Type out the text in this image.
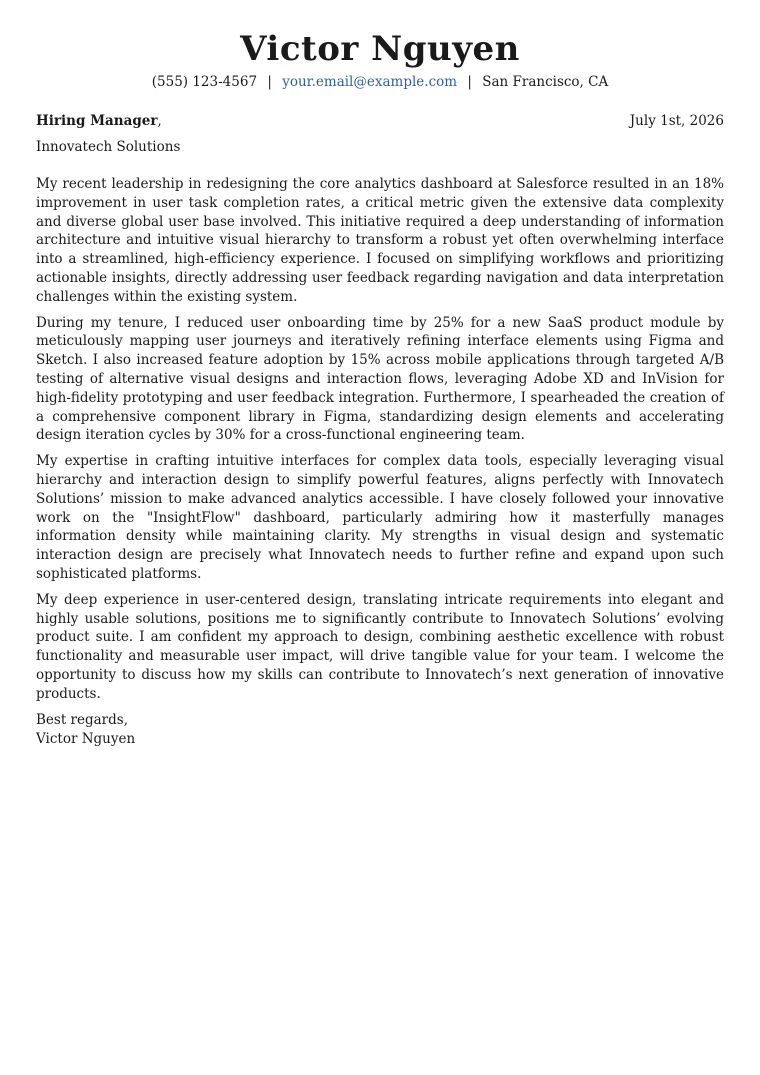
Victor Nguyen
(555) 123-4567 | your.email@example.com | San Francisco, CA
Hiring Manager,	July 1st, 2026
Innovatech Solutions

My recent leadership in redesigning the core analytics dashboard at Salesforce resulted in an 18% improvement in user task completion rates, a critical metric given the extensive data complexity and diverse global user base involved. This initiative required a deep understanding of information architecture and intuitive visual hierarchy to transform a robust yet often overwhelming interface into a streamlined, high-efficiency experience. I focused on simplifying workflows and prioritizing actionable insights, directly addressing user feedback regarding navigation and data interpretation challenges within the existing system.

During my tenure, I reduced user onboarding time by 25% for a new SaaS product module by meticulously mapping user journeys and iteratively refining interface elements using Figma and Sketch. I also increased feature adoption by 15% across mobile applications through targeted A/B testing of alternative visual designs and interaction flows, leveraging Adobe XD and InVision for high-fidelity prototyping and user feedback integration. Furthermore, I spearheaded the creation of a comprehensive component library in Figma, standardizing design elements and accelerating design iteration cycles by 30% for a cross-functional engineering team.

My expertise in crafting intuitive interfaces for complex data tools, especially leveraging visual hierarchy and interaction design to simplify powerful features, aligns perfectly with Innovatech Solutions’ mission to make advanced analytics accessible. I have closely followed your innovative work on the "InsightFlow" dashboard, particularly admiring how it masterfully manages information density while maintaining clarity. My strengths in visual design and systematic interaction design are precisely what Innovatech needs to further refine and expand upon such sophisticated platforms.

My deep experience in user-centered design, translating intricate requirements into elegant and highly usable solutions, positions me to significantly contribute to Innovatech Solutions’ evolving product suite. I am confident my approach to design, combining aesthetic excellence with robust functionality and measurable user impact, will drive tangible value for your team. I welcome the opportunity to discuss how my skills can contribute to Innovatech’s next generation of innovative products.

Best regards,
Victor Nguyen
